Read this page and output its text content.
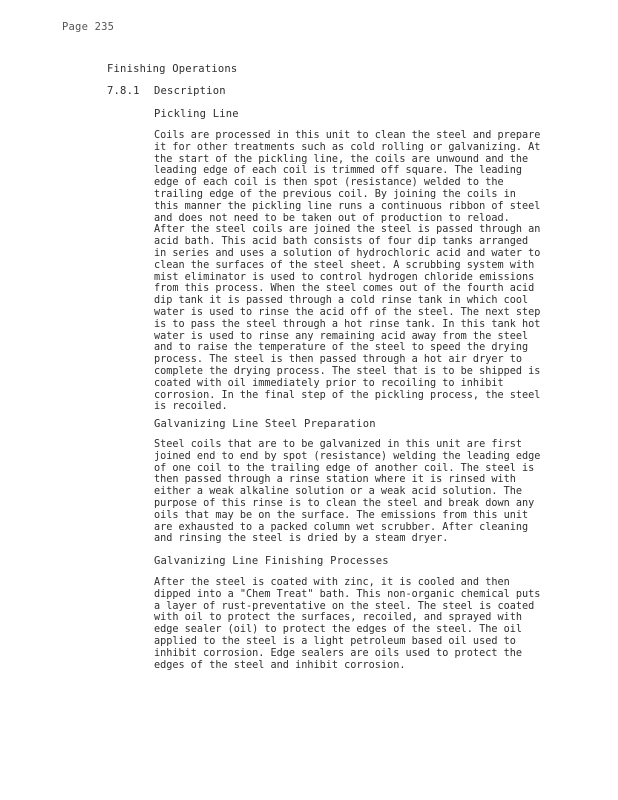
Page 235
Finishing Operations
7.8.1 Description
Pickling Line
Coils are processed in this unit to clean the steel and prepare
it for other treatments such as cold rolling or galvanizing. At
the start of the pickling line, the coils are unwound and the
leading edge of each coil is trimmed off square. The leading
edge of each coil is then spot (resistance) welded to the
trailing edge of the previous coil. By joining the coils in
this manner the pickling line runs a continuous ribbon of steel
and does not need to be taken out of production to reload.
After the steel coils are joined the steel is passed through an
acid bath. This acid bath consists of four dip tanks arranged
in series and uses a solution of hydrochloric acid and water to
clean the surfaces of the steel sheet. A scrubbing system with
mist eliminator is used to control hydrogen chloride emissions
from this process. When the steel comes out of the fourth acid
dip tank it is passed through a cold rinse tank in which cool
water is used to rinse the acid off of the steel. The next step
is to pass the steel through a hot rinse tank. In this tank hot
water is used to rinse any remaining acid away from the steel
and to raise the temperature of the steel to speed the drying
process. The steel is then passed through a hot air dryer to
complete the drying process. The steel that is to be shipped is
coated with oil immediately prior to recoiling to inhibit
corrosion. In the final step of the pickling process, the steel
is recoiled.
Galvanizing Line Steel Preparation
Steel coils that are to be galvanized in this unit are first
joined end to end by spot (resistance) welding the leading edge
of one coil to the trailing edge of another coil. The steel is
then passed through a rinse station where it is rinsed with
either a weak alkaline solution or a weak acid solution. The
purpose of this rinse is to clean the steel and break down any
oils that may be on the surface. The emissions from this unit
are exhausted to a packed column wet scrubber. After cleaning
and rinsing the steel is dried by a steam dryer.
Galvanizing Line Finishing Processes
After the steel is coated with zinc, it is cooled and then
dipped into a "Chem Treat" bath. This non-organic chemical puts
a layer of rust-preventative on the steel. The steel is coated
with oil to protect the surfaces, recoiled, and sprayed with
edge sealer (oil) to protect the edges of the steel. The oil
applied to the steel is a light petroleum based oil used to
inhibit corrosion. Edge sealers are oils used to protect the
edges of the steel and inhibit corrosion.
